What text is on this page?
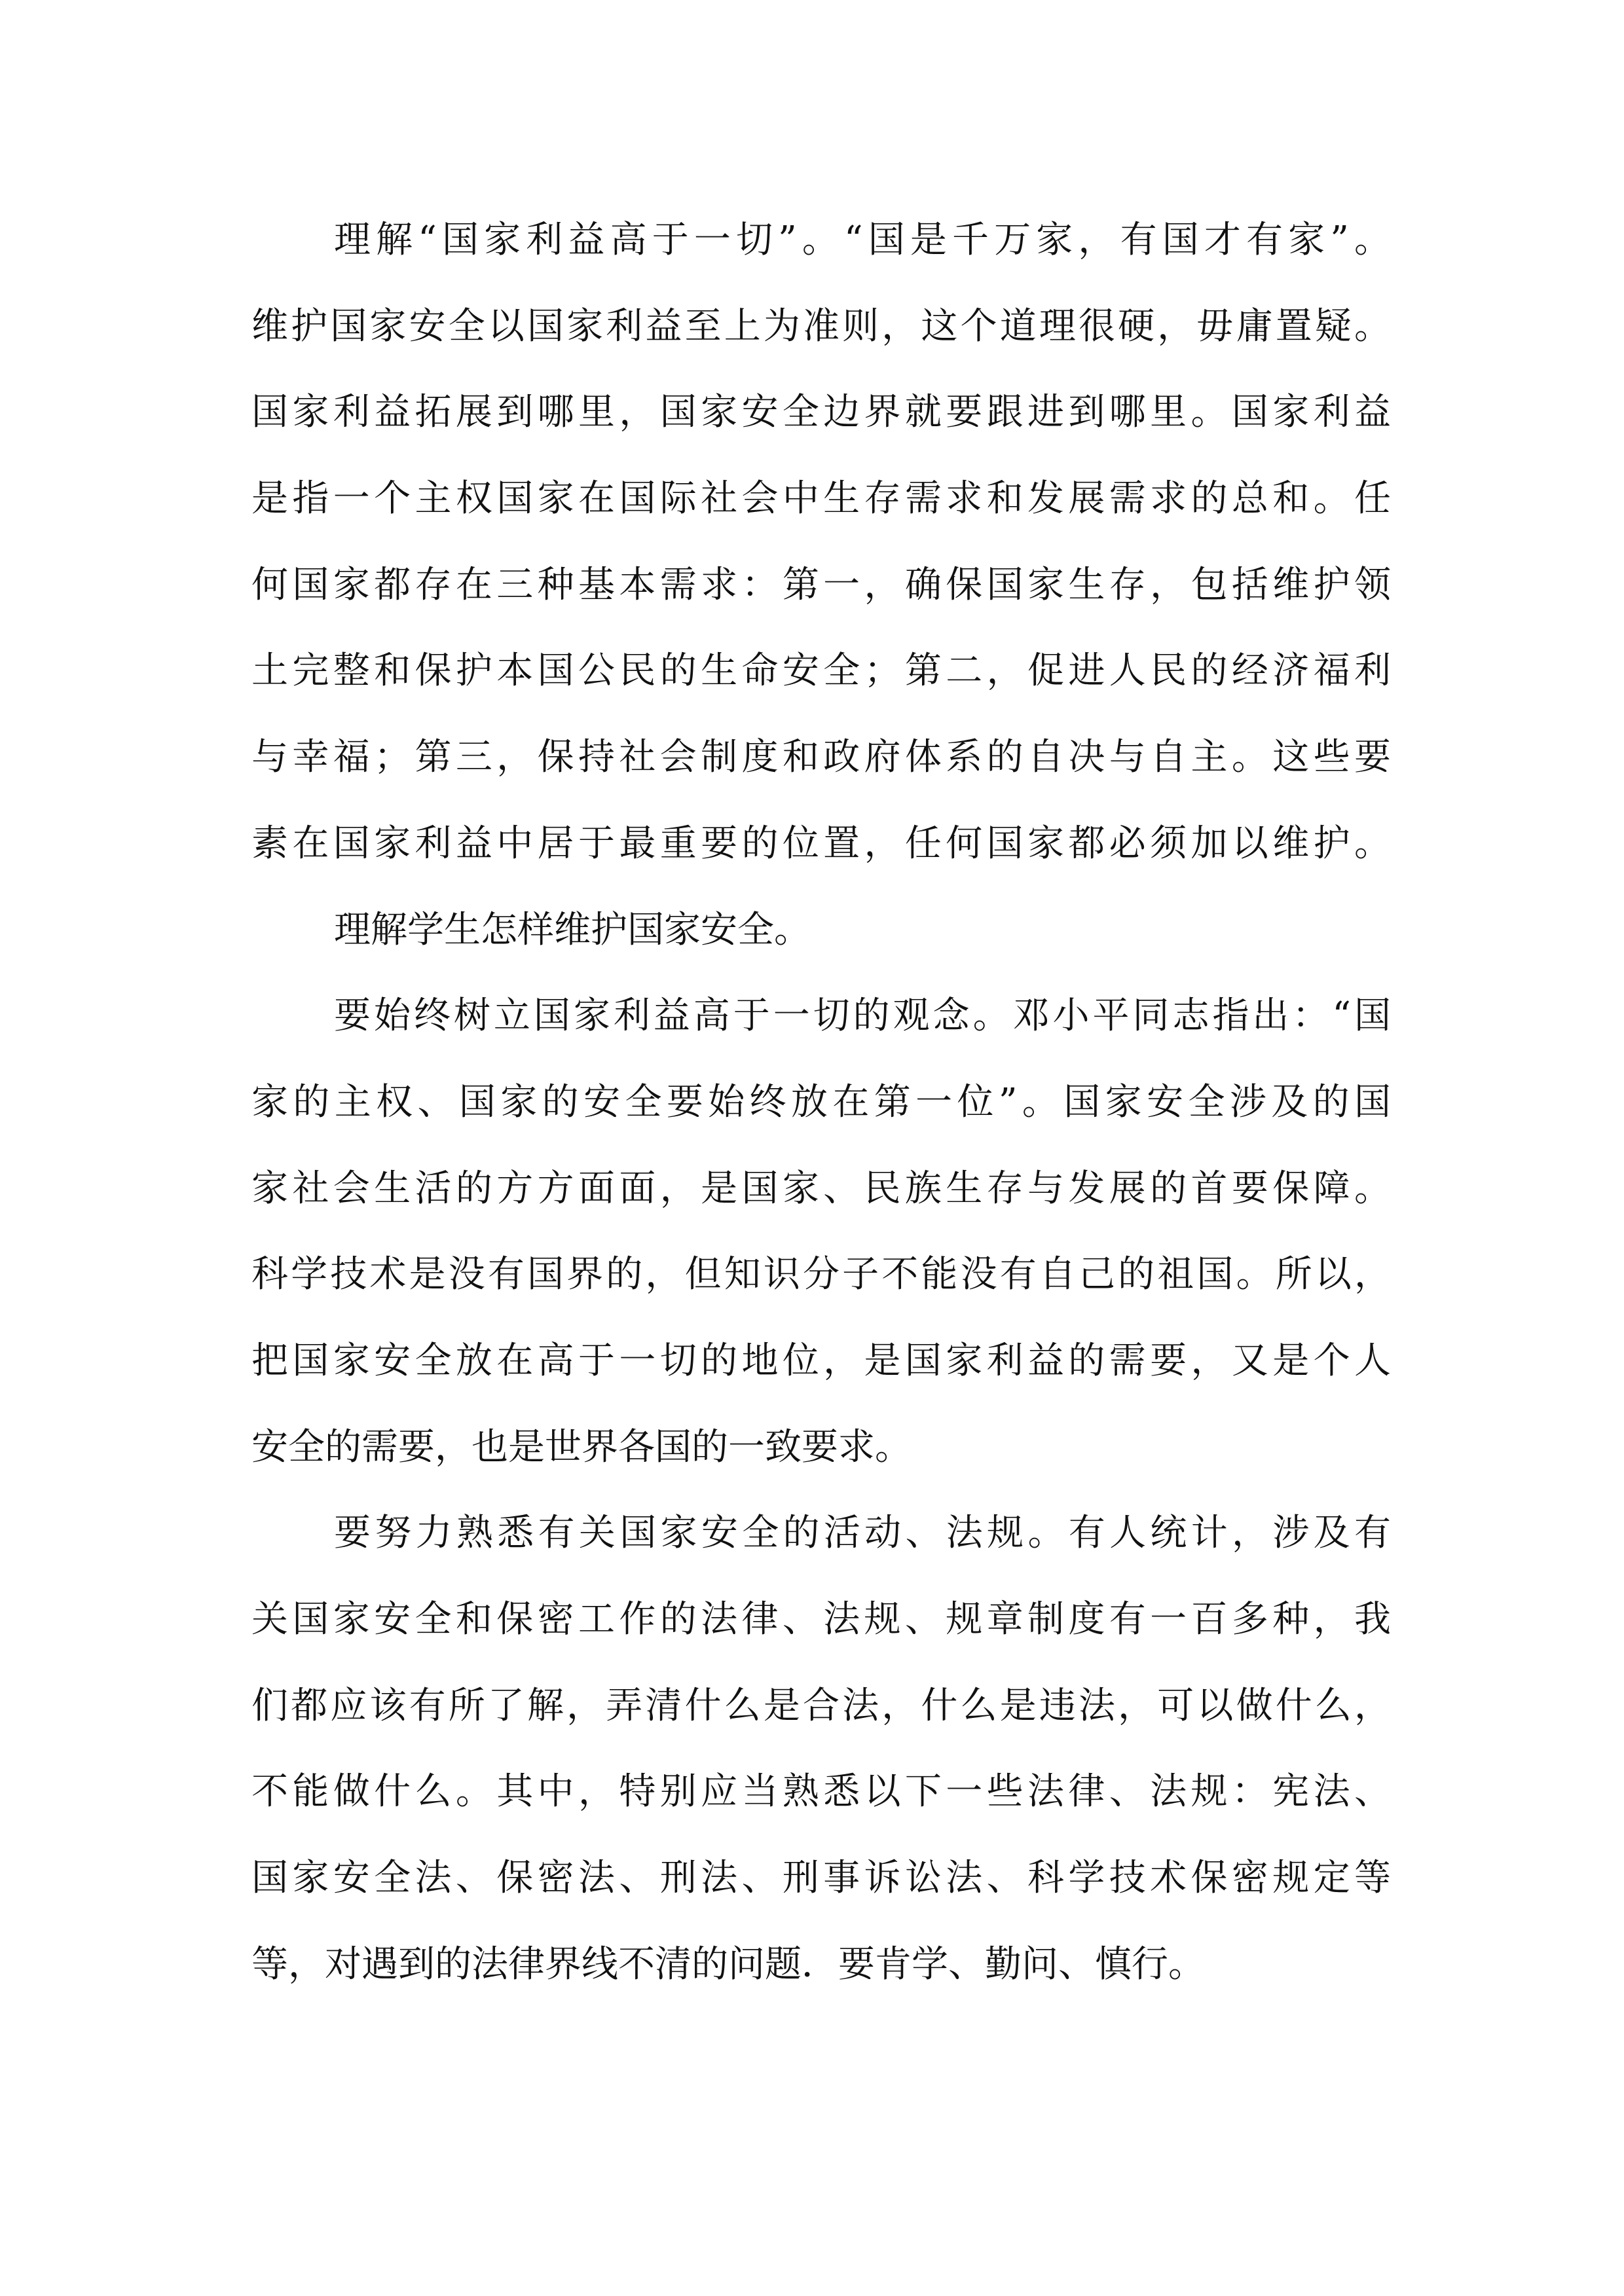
理解“国家利益高于一切”。“国是千万家，有国才有家”。
维护国家安全以国家利益至上为准则，这个道理很硬，毋庸置疑。
国家利益拓展到哪里，国家安全边界就要跟进到哪里。国家利益
是指一个主权国家在国际社会中生存需求和发展需求的总和。任
何国家都存在三种基本需求：第一，确保国家生存，包括维护领
土完整和保护本国公民的生命安全；第二，促进人民的经济福利
与幸福；第三，保持社会制度和政府体系的自决与自主。这些要
素在国家利益中居于最重要的位置，任何国家都必须加以维护。
理解学生怎样维护国家安全。
要始终树立国家利益高于一切的观念。邓小平同志指出：“国
家的主权、国家的安全要始终放在第一位”。国家安全涉及的国
家社会生活的方方面面，是国家、民族生存与发展的首要保障。
科学技术是没有国界的，但知识分子不能没有自己的祖国。所以，
把国家安全放在高于一切的地位，是国家利益的需要，又是个人
安全的需要，也是世界各国的一致要求。
要努力熟悉有关国家安全的活动、法规。有人统计，涉及有
关国家安全和保密工作的法律、法规、规章制度有一百多种，我
们都应该有所了解，弄清什么是合法，什么是违法，可以做什么，
不能做什么。其中，特别应当熟悉以下一些法律、法规：宪法、
国家安全法、保密法、刑法、刑事诉讼法、科学技术保密规定等
等，对遇到的法律界线不清的问题．要肯学、勤问、慎行。
